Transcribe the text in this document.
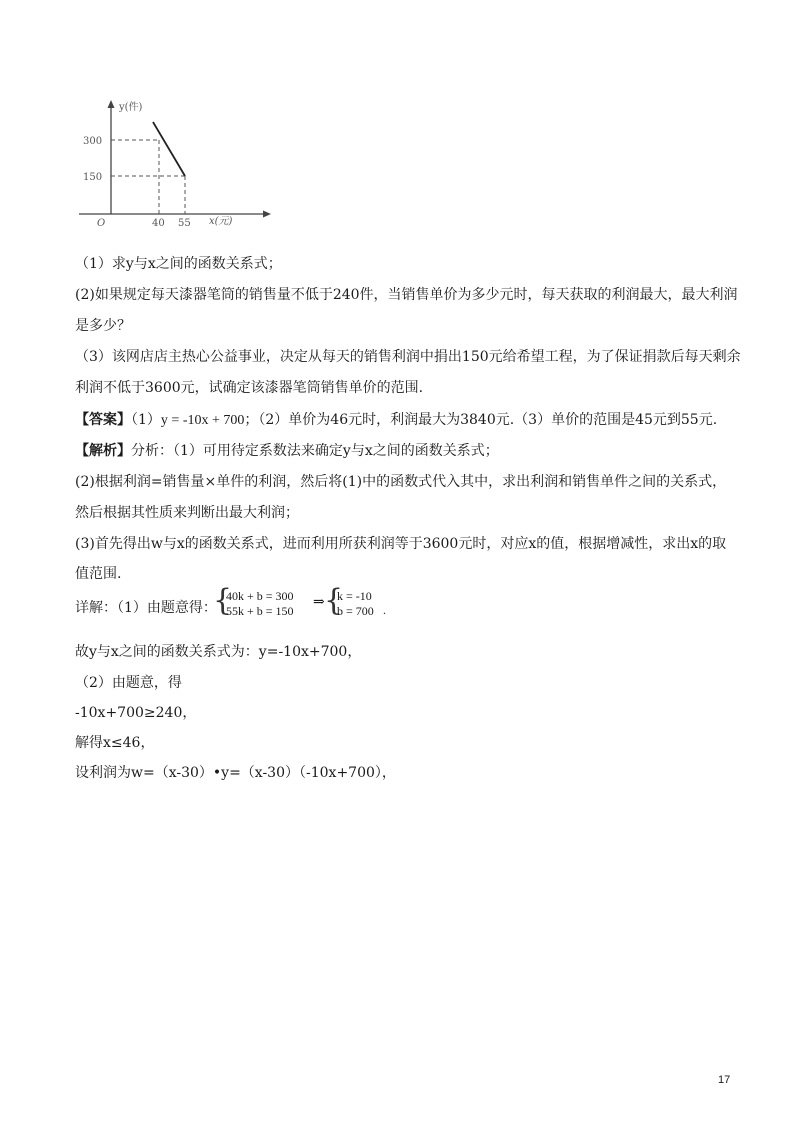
y(件)
x(元)
O
300
150
40 55
（1）求y与x之间的函数关系式；
(2)如果规定每天漆器笔筒的销售量不低于240件，当销售单价为多少元时，每天获取的利润最大，最大利润
是多少？
（3）该网店店主热心公益事业，决定从每天的销售利润中捐出150元给希望工程，为了保证捐款后每天剩余
利润不低于3600元，试确定该漆器笔筒销售单价的范围.
【答案】（1）y = -10x + 700；（2）单价为46元时，利润最大为3840元.（3）单价的范围是45元到55元.
【解析】分析：（1）可用待定系数法来确定y与x之间的函数关系式；
(2)根据利润=销售量×单件的利润，然后将(1)中的函数式代入其中，求出利润和销售单件之间的关系式，
然后根据其性质来判断出最大利润；
(3)首先得出w与x的函数关系式，进而利用所获利润等于3600元时，对应x的值，根据增减性，求出x的取
值范围.
详解：（1）由题意得：
{
40k + b = 300
55k + b = 150
⇒ {
k = -10
b = 700 .
故y与x之间的函数关系式为：y=-10x+700，
（2）由题意，得
-10x+700≥240，
解得x≤46，
设利润为w=（x-30）•y=（x-30）（-10x+700），
17
